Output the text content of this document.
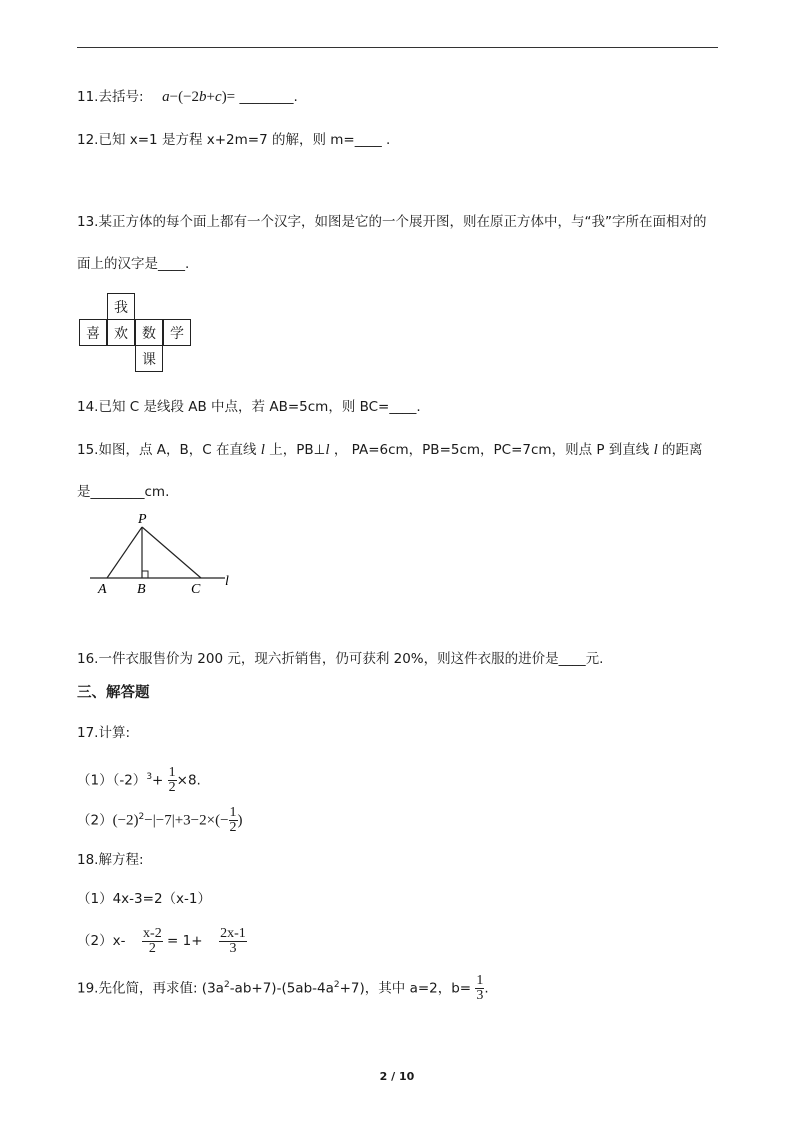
11.去括号: a−(−2b+c)= ________.
12.已知 x=1 是方程 x+2m=7 的解，则 m=____ .
13.某正方体的每个面上都有一个汉字，如图是它的一个展开图，则在原正方体中，与“我”字所在面相对的
面上的汉字是____.
我
喜	欢	数	学
课
14.已知 C 是线段 AB 中点，若 AB=5cm，则 BC=____.
15.如图，点 A，B，C 在直线 l 上，PB⊥l ， PA=6cm，PB=5cm，PC=7cm，则点 P 到直线 l 的距离
是________cm.
P
A B	C
l
16.一件衣服售价为 200 元，现六折销售，仍可获利 20%，则这件衣服的进价是____元.
三、解答题
17.计算:
$(1)(-2)^3+ \frac{1}{2} \times 8$.
$(2)(-2)^2-|-7|+3-2\times(- \frac{1}{2}$ )
18.解方程:
（1）4x-3=2（x-1）
$(2)x- \frac{x-2}{2} = 1+ \frac{2x-1}{3}$
19.先化简，再求值: $(3a^2-ab+7)-(5ab-4a^2+7)$，其中 a=2，$b= \frac{1}{3}$ .
2 / 10
